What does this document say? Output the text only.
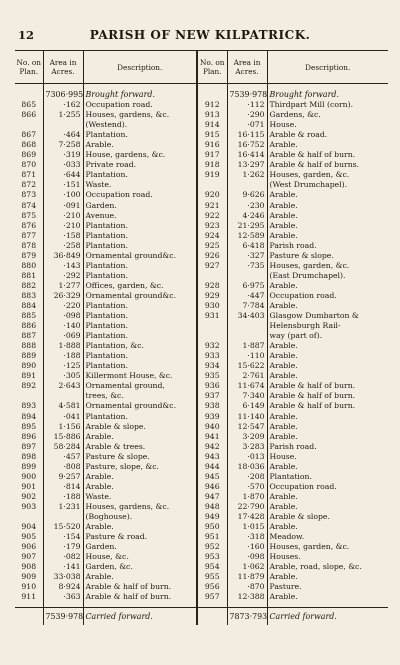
PARISH OF NEW KILPATRICK.
12
No. on Plan.	Area in Acres.	Description.	No. on Plan.	Area in Acres.	Description.
	7306·995	Brought forward.		7539·978	Brought forward.
865	·162	Occupation road.	912	·112	Thirdpart Mill (corn).
866	1·255	Houses, gardens, &c.	913	·290	Gardens, &c.
		(Westend).	914	·071	House.
867	·464	Plantation.	915	16·115	Arable & road.
868	7·258	Arable.	916	16·752	Arable.
869	·319	House, gardens, &c.	917	16·414	Arable & half of burn.
870	·033	Private road.	918	13·297	Arable & half of burns.
871	·644	Plantation.	919	1·262	Houses, garden, &c.
872	·151	Waste.			(West Drumchapel).
873	·100	Occupation road.	920	9·626	Arable.
874	·091	Garden.	921	·230	Arable.
875	·210	Avenue.	922	4·246	Arable.
876	·210	Plantation.	923	21·295	Arable.
877	·158	Plantation.	924	12·589	Arable.
878	·258	Plantation.	925	6·418	Parish road.
879	36·849	Ornamental ground&c.	926	·327	Pasture & slope.
880	·143	Plantation.	927	·735	Houses, garden, &c.
881	·292	Plantation.			(East Drumchapel).
882	1·277	Offices, garden, &c.	928	6·975	Arable.
883	26·329	Ornamental ground&c.	929	·447	Occupation road.
884	·220	Plantation.	930	7·784	Arable.
885	·098	Plantation.	931	34·403	Glasgow Dumbarton &
886	·140	Plantation.			Helensburgh Rail-
887	·069	Plantation.			way (part of).
888	1·888	Plantation, &c.	932	1·887	Arable.
889	·188	Plantation.	933	·110	Arable.
890	·125	Plantation.	934	15·622	Arable.
891	·305	Killermont House, &c.	935	2·761	Arable.
892	2·643	Ornamental ground,	936	11·674	Arable & half of burn.
		trees, &c.	937	7·340	Arable & half of burn.
893	4·581	Ornamental ground&c.	938	6·149	Arable & half of burn.
894	·041	Plantation.	939	11·140	Arable.
895	1·156	Arable & slope.	940	12·547	Arable.
896	15·886	Arable.	941	3·209	Arable.
897	58·284	Arable & trees.	942	3·283	Parish road.
898	·457	Pasture & slope.	943	·013	House.
899	·808	Pasture, slope, &c.	944	18·036	Arable.
900	9·257	Arable.	945	·208	Plantation.
901	·814	Arable.	946	·570	Occupation road.
902	·188	Waste.	947	1·870	Arable.
903	1·231	Houses, gardens, &c.	948	22·790	Arable.
		(Boghouse).	949	17·428	Arable & slope.
904	15·520	Arable.	950	1·015	Arable.
905	·154	Pasture & road.	951	·318	Meadow.
906	·179	Garden.	952	·160	Houses, garden, &c.
907	·082	House, &c.	953	·098	Houses.
908	·141	Garden, &c.	954	1·062	Arable, road, slope, &c.
909	33·038	Arable.	955	11·879	Arable.
910	8·924	Arable & half of burn.	956	·870	Pasture.
911	·363	Arable & half of burn.	957	12·388	Arable.
	7539·978	Carried forward.		7873·793	Carried forward.
